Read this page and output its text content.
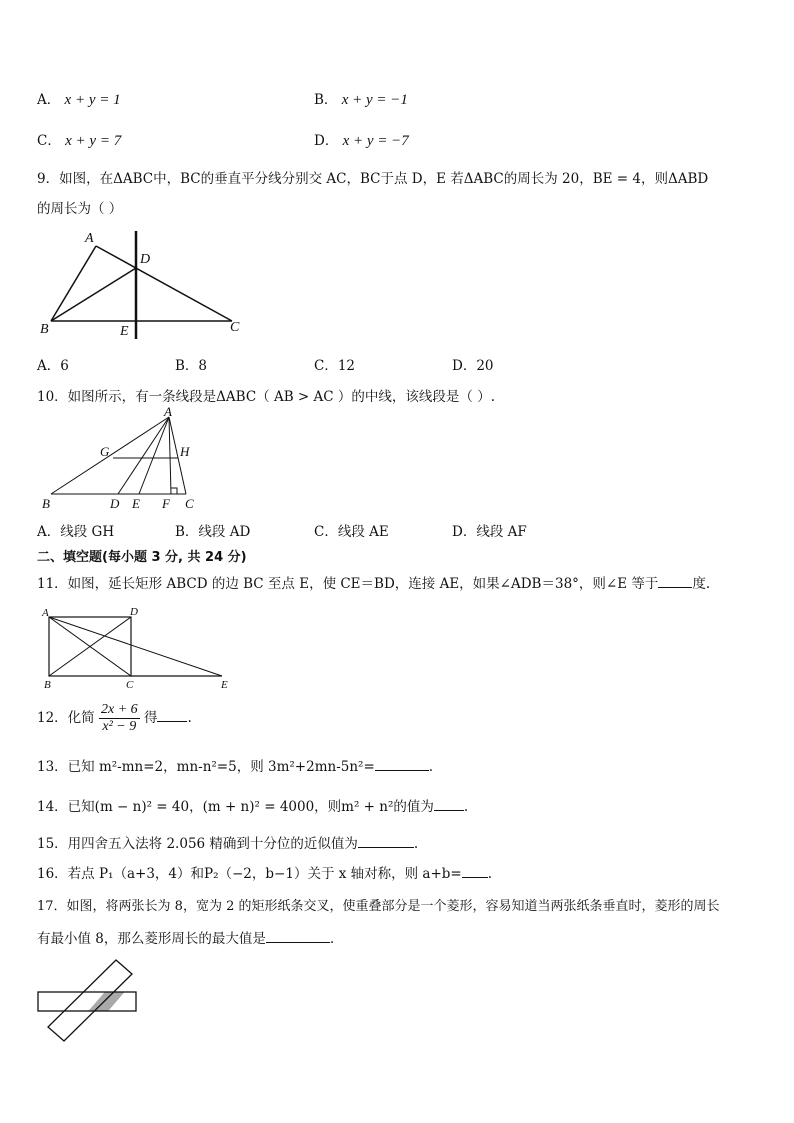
A． x + y = 1	B． x + y = −1
C． x + y = 7	D． x + y = −7
9．如图，在ΔABC中，BC的垂直平分线分别交 AC，BC于点 D，E 若ΔABC的周长为 20，BE = 4，则ΔABD
的周长为（ ）
A
D
B	E	C
A．6	B．8	C．12	D．20
10．如图所示，有一条线段是ΔABC（ AB > AC ）的中线，该线段是（ ）.
A
G	H
B	D E F C
A．线段 GH	B．线段 AD	C．线段 AE	D．线段 AF
二、填空题(每小题 3 分, 共 24 分)
11．如图，延长矩形 ABCD 的边 BC 至点 E，使 CE＝BD，连接 AE，如果∠ADB＝38°，则∠E 等于	度.
A	D
B	C	E
12．化简 $\frac{2x + 6}{\text{x² − 9}}$ 得 .
13．已知 m²-mn=2，mn-n²=5，则 3m²+2mn-5n²=	.
14．已知(m − n)² = 40，(m + n)² = 4000，则m² + n²的值为 .
15．用四舍五入法将 2.056 精确到十分位的近似值为	.
16．若点 P₁（a+3，4）和P₂（−2，b−1）关于 x 轴对称，则 a+b= .
17．如图，将两张长为 8，宽为 2 的矩形纸条交叉，使重叠部分是一个菱形，容易知道当两张纸条垂直时，菱形的周长
有最小值 8，那么菱形周长的最大值是	.
